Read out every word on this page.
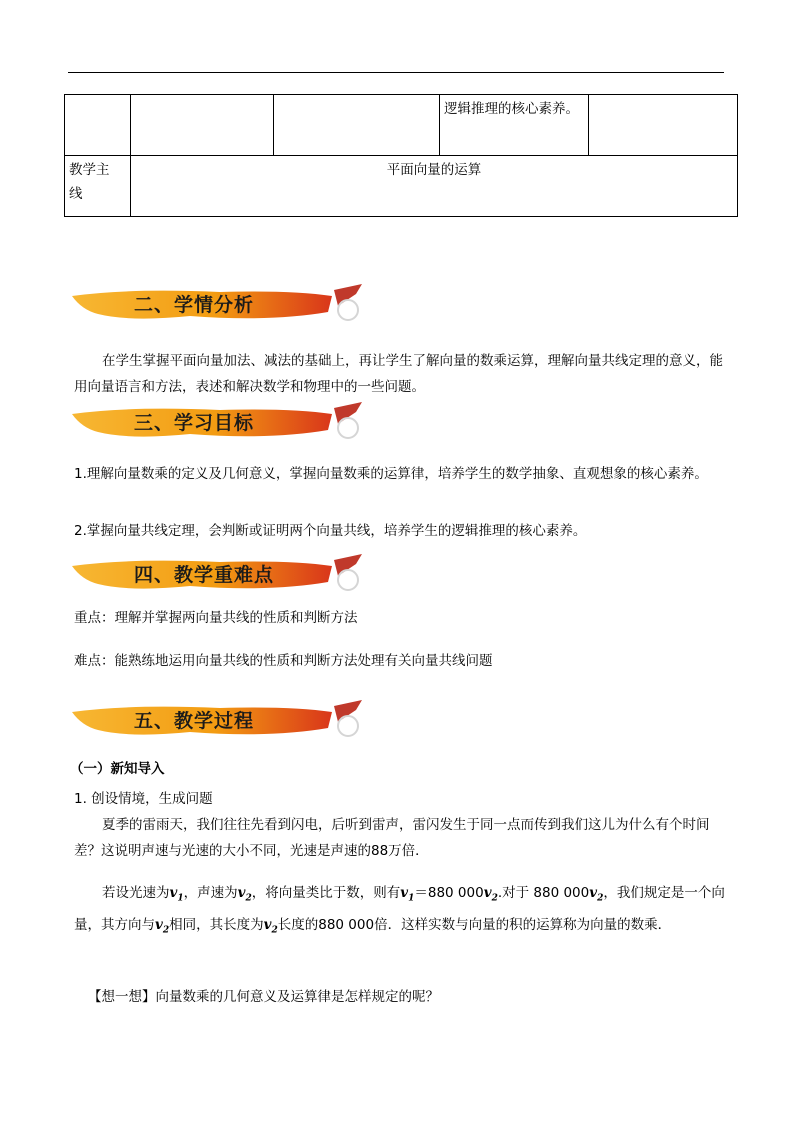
			逻辑推理的核心素养。	
教学主
线	平面向量的运算			
二、学情分析
在学生掌握平面向量加法、减法的基础上，再让学生了解向量的数乘运算，理解向量共线定理的意义，能用向量语言和方法，表述和解决数学和物理中的一些问题。
三、学习目标
1.理解向量数乘的定义及几何意义，掌握向量数乘的运算律，培养学生的数学抽象、直观想象的核心素养。
2.掌握向量共线定理，会判断或证明两个向量共线，培养学生的逻辑推理的核心素养。
四、教学重难点
重点：理解并掌握两向量共线的性质和判断方法
难点：能熟练地运用向量共线的性质和判断方法处理有关向量共线问题
五、教学过程
（一）新知导入
1. 创设情境，生成问题
夏季的雷雨天，我们往往先看到闪电，后听到雷声，雷闪发生于同一点而传到我们这儿为什么有个时间差？这说明声速与光速的大小不同，光速是声速的88万倍．
若设光速为$v_1$，声速为$v_2$，将向量类比于数，则有$v_1=880$ $000v_2$.对于 880 $000v_2$，我们规定是一个向量，其方向与$v_2$相同，其长度为$v_2$长度的880 000倍．这样实数与向量的积的运算称为向量的数乘．
【想一想】向量数乘的几何意义及运算律是怎样规定的呢？
